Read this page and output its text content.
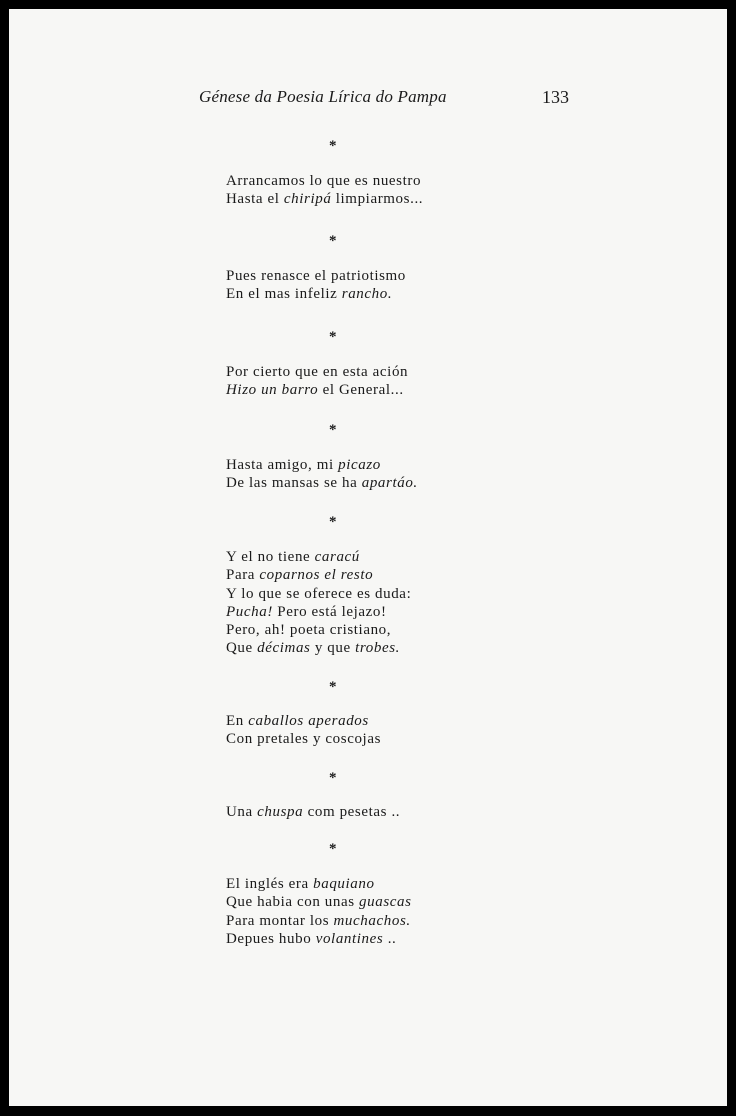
Génese da Poesia Lírica do Pampa	133
*
Arrancamos lo que es nuestro
Hasta el chiripá limpiarmos...
*
Pues renasce el patriotismo
En el mas infeliz rancho.
*
Por cierto que en esta ación
Hizo un barro el General...
*
Hasta amigo, mi picazo
De las mansas se ha apartáo.
*
Y el no tiene caracú
Para coparnos el resto
Y lo que se oferece es duda:
Pucha! Pero está lejazo!
Pero, ah! poeta cristiano,
Que décimas y que trobes.
*
En caballos aperados
Con pretales y coscojas
*
Una chuspa com pesetas ..
*
El inglés era baquiano
Que habia con unas guascas
Para montar los muchachos.
Depues hubo volantines ..
